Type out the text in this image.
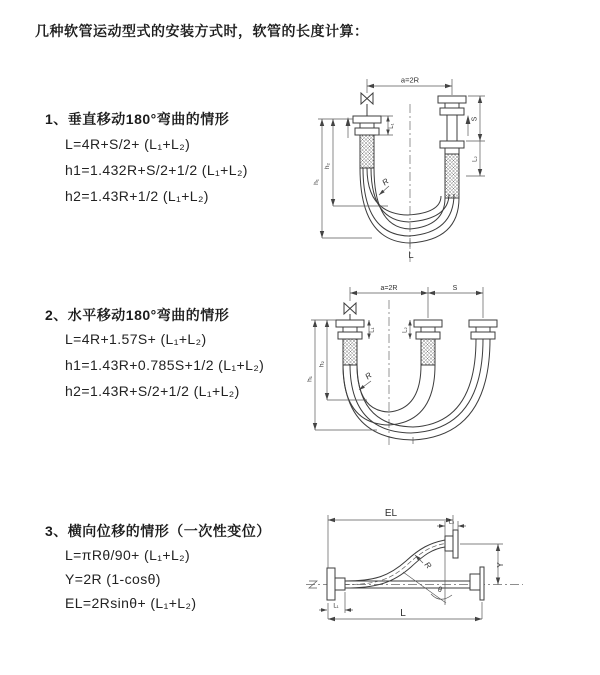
几种软管运动型式的安装方式时，软管的长度计算：
1、垂直移动180°弯曲的情形
L=4R+S/2+ (L₁+L₂)
h1=1.432R+S/2+1/2 (L₁+L₂)
h2=1.43R+1/2 (L₁+L₂)
2、水平移动180°弯曲的情形
L=4R+1.57S+ (L₁+L₂)
h1=1.43R+0.785S+1/2 (L₁+L₂)
h2=1.43R+S/2+1/2 (L₁+L₂)
3、横向位移的情形（一次性变位）
L=πRθ/90+ (L₁+L₂)
Y=2R (1-cosθ)
EL=2Rsinθ+ (L₁+L₂)
a=2R
h₁
h₂
L₁
S
L₂
R
L
a=2R	S
h₁
h₂
L₁	L₂
R
EL
L₂
Y
θ
R
L
L₁
